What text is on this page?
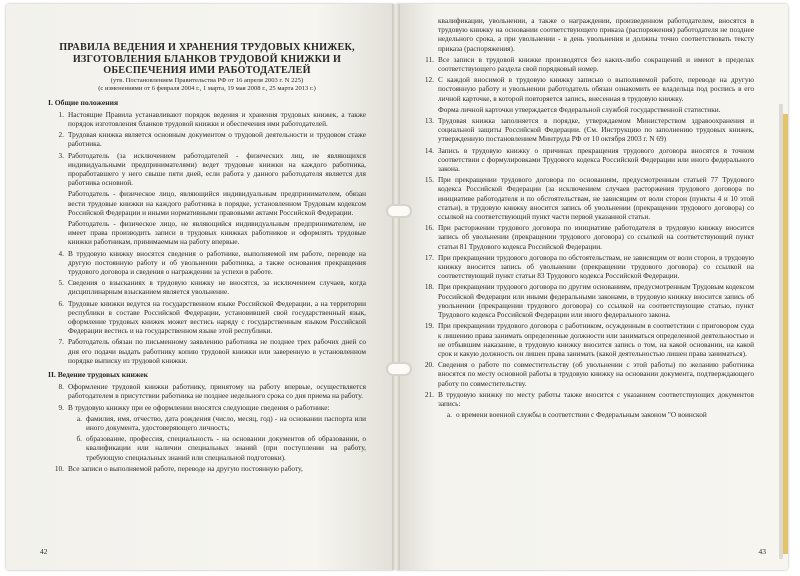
ПРАВИЛА ВЕДЕНИЯ И ХРАНЕНИЯ ТРУДОВЫХ КНИЖЕК, ИЗГОТОВЛЕНИЯ БЛАНКОВ ТРУДОВОЙ КНИЖКИ И ОБЕСПЕЧЕНИЯ ИМИ РАБОТОДАТЕЛЕЙ
(утв. Постановлением Правительства РФ от 16 апреля 2003 г. N 225)
(с изменениями от 6 февраля 2004 г., 1 марта, 19 мая 2008 г., 25 марта 2013 г.)
I. Общие положения
1. Настоящие Правила устанавливают порядок ведения и хранения трудовых книжек, а также порядок изготовления бланков трудовой книжки и обеспечения ими работодателей.
2. Трудовая книжка является основным документом о трудовой деятельности и трудовом стаже работника.
3. Работодатель (за исключением работодателей - физических лиц, не являющихся индивидуальными предпринимателями) ведет трудовые книжки на каждого работника, проработавшего у него свыше пяти дней, если работа у данного работодателя является для работника основной.
Работодатель - физическое лицо, являющийся индивидуальным предпринимателем, обязан вести трудовые книжки на каждого работника в порядке, установленном Трудовым кодексом Российской Федерации и иными нормативными правовыми актами Российской Федерации.
Работодатель - физическое лицо, не являющийся индивидуальным предпринимателем, не имеет права производить записи в трудовых книжках работников и оформлять трудовые книжки работникам, принимаемым на работу впервые.
4. В трудовую книжку вносятся сведения о работнике, выполняемой им работе, переводе на другую постоянную работу и об увольнении работника, а также основания прекращения трудового договора и сведения о награждении за успехи в работе.
5. Сведения о взысканиях в трудовую книжку не вносятся, за исключением случаев, когда дисциплинарным взысканием является увольнение.
6. Трудовые книжки ведутся на государственном языке Российской Федерации, а на территории республики в составе Российской Федерации, установившей свой государственный язык, оформление трудовых книжек может вестись наряду с государственным языком Российской Федерации вестись и на государственном языке этой республики.
7. Работодатель обязан по письменному заявлению работника не позднее трех рабочих дней со дня его подачи выдать работнику копию трудовой книжки или заверенную в установленном порядке выписку из трудовой книжки.
II. Ведение трудовых книжек
8. Оформление трудовой книжки работнику, принятому на работу впервые, осуществляется работодателем в присутствии работника не позднее недельного срока со дня приема на работу.
9. В трудовую книжку при ее оформлении вносятся следующие сведения о работнике:
а. фамилия, имя, отчество, дата рождения (число, месяц, год) - на основании паспорта или иного документа, удостоверяющего личность;
б. образование, профессия, специальность - на основании документов об образовании, о квалификации или наличии специальных знаний (при поступлении на работу, требующую специальных знаний или специальной подготовки).
10. Все записи о выполняемой работе, переводе на другую постоянную работу,
42
квалификации, увольнении, а также о награждении, произведенном работодателем, вносятся в трудовую книжку на основании соответствующего приказа (распоряжения) работодателя не позднее недельного срока, а при увольнении - в день увольнения и должны точно соответствовать тексту приказа (распоряжения).
11. Все записи в трудовой книжке производятся без каких-либо сокращений и имеют в пределах соответствующего раздела свой порядковый номер.
12. С каждой вносимой в трудовую книжку записью о выполняемой работе, переводе на другую постоянную работу и увольнении работодатель обязан ознакомить ее владельца под роспись в его личной карточке, в которой повторяется запись, внесенная в трудовую книжку.
Форма личной карточки утверждается Федеральной службой государственной статистики.
13. Трудовая книжка заполняется в порядке, утверждаемом Министерством здравоохранения и социальной защиты Российской Федерации. (См. Инструкцию по заполнению трудовых книжек, утвержденную постановлением Минтруда РФ от 10 октября 2003 г. N 69)
14. Запись в трудовую книжку о причинах прекращения трудового договора вносятся в точном соответствии с формулировками Трудового кодекса Российской Федерации или иного федерального закона.
15. При прекращении трудового договора по основаниям, предусмотренным статьей 77 Трудового кодекса Российской Федерации (за исключением случаев расторжения трудового договора по инициативе работодателя и по обстоятельствам, не зависящим от воли сторон (пункты 4 и 10 этой статьи), в трудовую книжку вносится запись об увольнении (прекращении трудового договора) со ссылкой на соответствующий пункт части первой указанной статьи.
16. При расторжении трудового договора по инициативе работодателя в трудовую книжку вносится запись об увольнении (прекращении трудового договора) со ссылкой на соответствующий пункт статьи 81 Трудового кодекса Российской Федерации.
17. При прекращении трудового договора по обстоятельствам, не зависящим от воли сторон, в трудовую книжку вносится запись об увольнении (прекращении трудового договора) со ссылкой на соответствующий пункт статьи 83 Трудового кодекса Российской Федерации.
18. При прекращении трудового договора по другим основаниям, предусмотренным Трудовым кодексом Российской Федерации или иными федеральными законами, в трудовую книжку вносится запись об увольнении (прекращении трудового договора) со ссылкой на соответствующие статью, пункт Трудового кодекса Российской Федерации или иного федерального закона.
19. При прекращении трудового договора с работником, осужденным в соответствии с приговором суда к лишению права занимать определенные должности или заниматься определенной деятельностью и не отбывшим наказание, в трудовую книжку вносится запись о том, на какой основании, на какой срок и какую должность он лишен права занимать (какой деятельностью лишен права заниматься).
20. Сведения о работе по совместительству (об увольнении с этой работы) по желанию работника вносятся по месту основной работы в трудовую книжку на основании документа, подтверждающего работу по совместительству.
21. В трудовую книжку по месту работы также вносится с указанием соответствующих документов запись:
а. о времени военной службы в соответствии с Федеральным законом "О воинской
43
